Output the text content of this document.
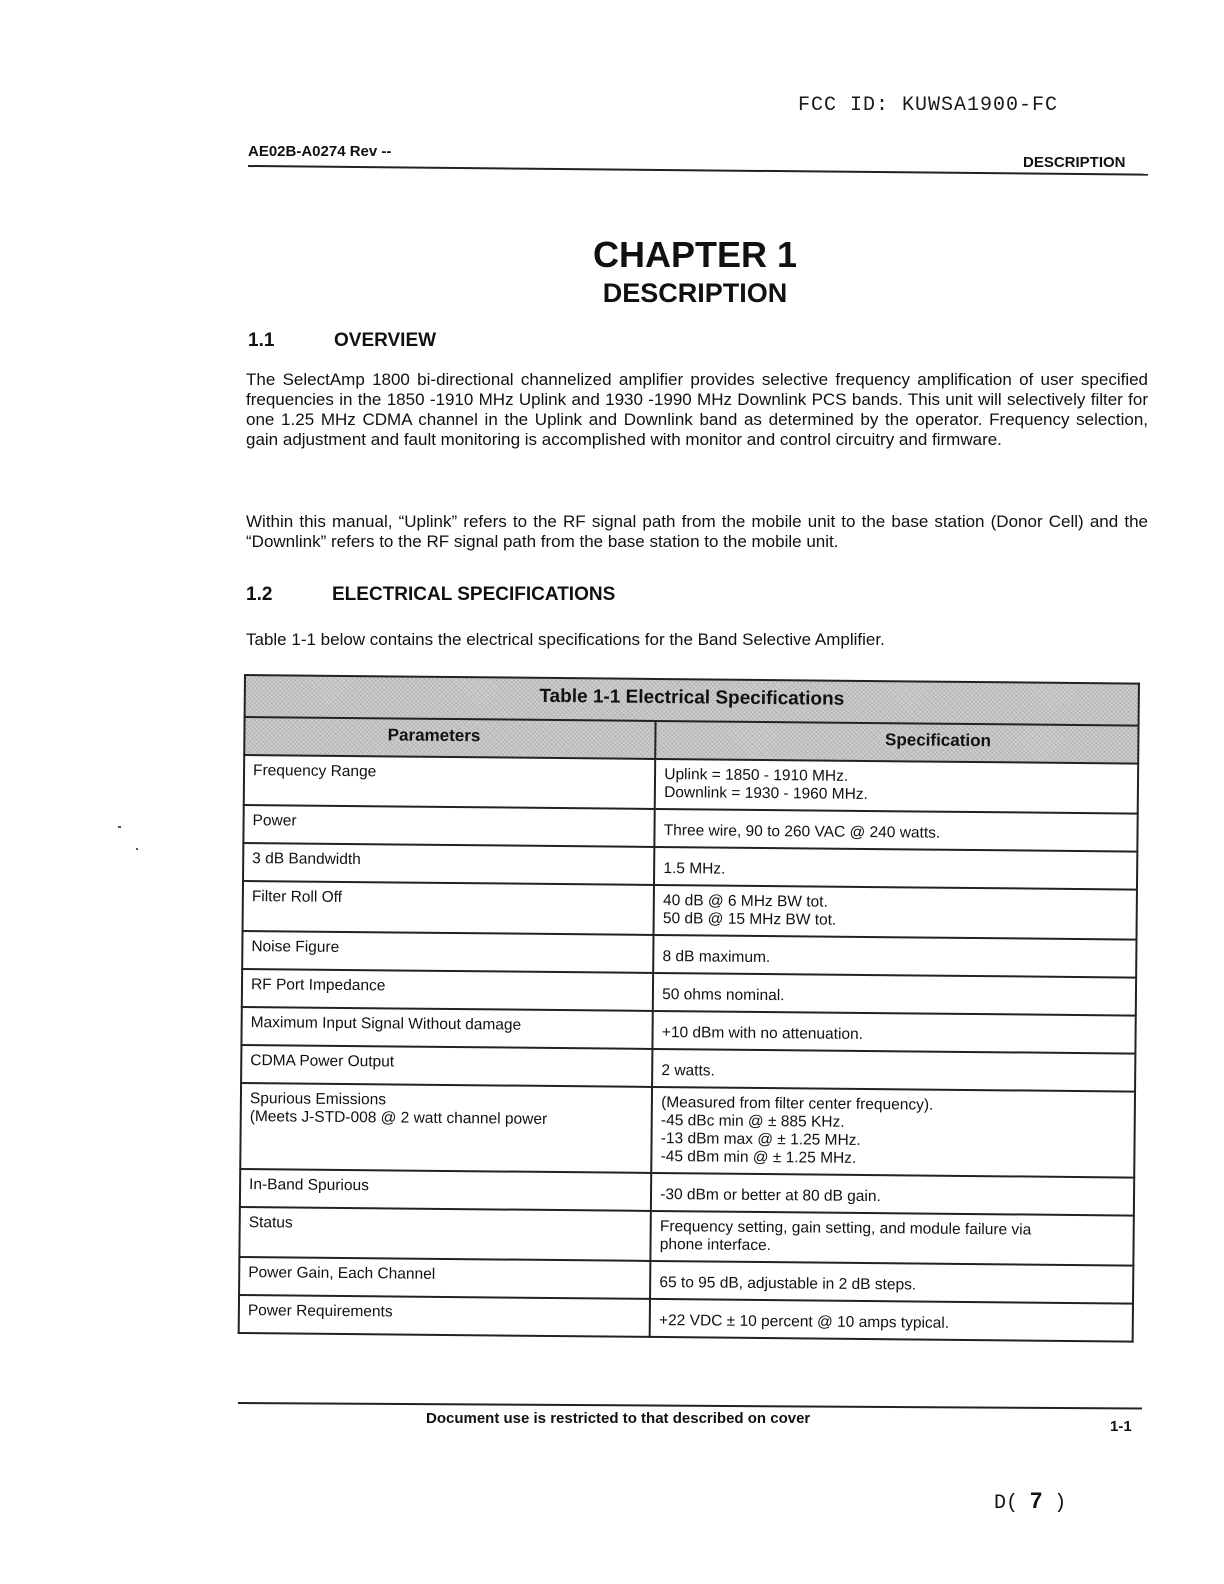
FCC ID: KUWSA1900-FC
AE02B-A0274 Rev --
DESCRIPTION
CHAPTER 1
DESCRIPTION
1.1	OVERVIEW

The SelectAmp 1800 bi-directional channelized amplifier provides selective frequency amplification of user specified frequencies in the 1850 -1910 MHz Uplink and 1930 -1990 MHz Downlink PCS bands. This unit will selectively filter for one 1.25 MHz CDMA channel in the Uplink and Downlink band as determined by the operator. Frequency selection, gain adjustment and fault monitoring is accomplished with monitor and control circuitry and firmware.

Within this manual, “Uplink” refers to the RF signal path from the mobile unit to the base station (Donor Cell) and the “Downlink” refers to the RF signal path from the base station to the mobile unit.

1.2	ELECTRICAL SPECIFICATIONS

Table 1-1 below contains the electrical specifications for the Band Selective Amplifier.

Table 1-1 Electrical Specifications	
Parameters	Specification

Frequency Range	Uplink = 1850 - 1910 MHz.
Downlink = 1930 - 1960 MHz.

Power	Three wire, 90 to 260 VAC @ 240 watts.

3 dB Bandwidth	1.5 MHz.

Filter Roll Off	40 dB @ 6 MHz BW tot.
50 dB @ 15 MHz BW tot.

Noise Figure	8 dB maximum.

RF Port Impedance	50 ohms nominal.

Maximum Input Signal Without damage	+10 dBm with no attenuation.

CDMA Power Output	2 watts.

Spurious Emissions
(Meets J-STD-008 @ 2 watt channel power	(Measured from filter center frequency).
-45 dBc min @ ± 885 KHz.
-13 dBm max @ ± 1.25 MHz.
-45 dBm min @ ± 1.25 MHz.

In-Band Spurious	-30 dBm or better at 80 dB gain.

Status	Frequency setting, gain setting, and module failure via
phone interface.

Power Gain, Each Channel	65 to 95 dB, adjustable in 2 dB steps.

Power Requirements	+22 VDC ± 10 percent @ 10 amps typical.
Document use is restricted to that described on cover	1-1
D( 7 )
